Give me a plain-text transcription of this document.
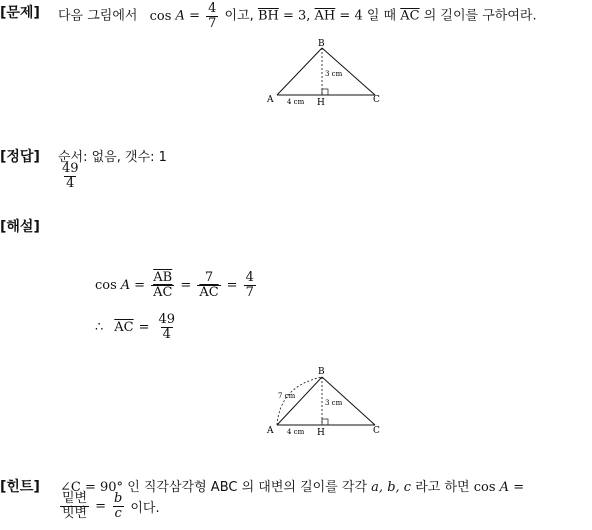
[문제] 다음 그림에서 $\cos A = \frac{4}{7}$ 이고, $\overline{BH} = 3$, $\overline{AH} = 4$ 일 때 $\overline{AC}$ 의 길이를 구하여라.
B
A	C
H
3 cm
4 cm
[정답] 순서: 없음, 갯수: 1
$\frac{49}{4}$
[해설]
$\cos A = \frac{\overline{AB}}{AC} = \frac{7}{AC} = \frac{4}{7}$
∴ $\overline{AC} = \frac{49}{4}$
B
A	C
H
7 cm
3 cm
4 cm
[힌트] ∠C = 90° 인 직각삼각형 ABC 의 대변의 길이를 각각 a, b, c 라고 하면 cos A =
$\frac{\text{밑변}}{\text{빗변}} = \frac{b}{c}$ 이다.
